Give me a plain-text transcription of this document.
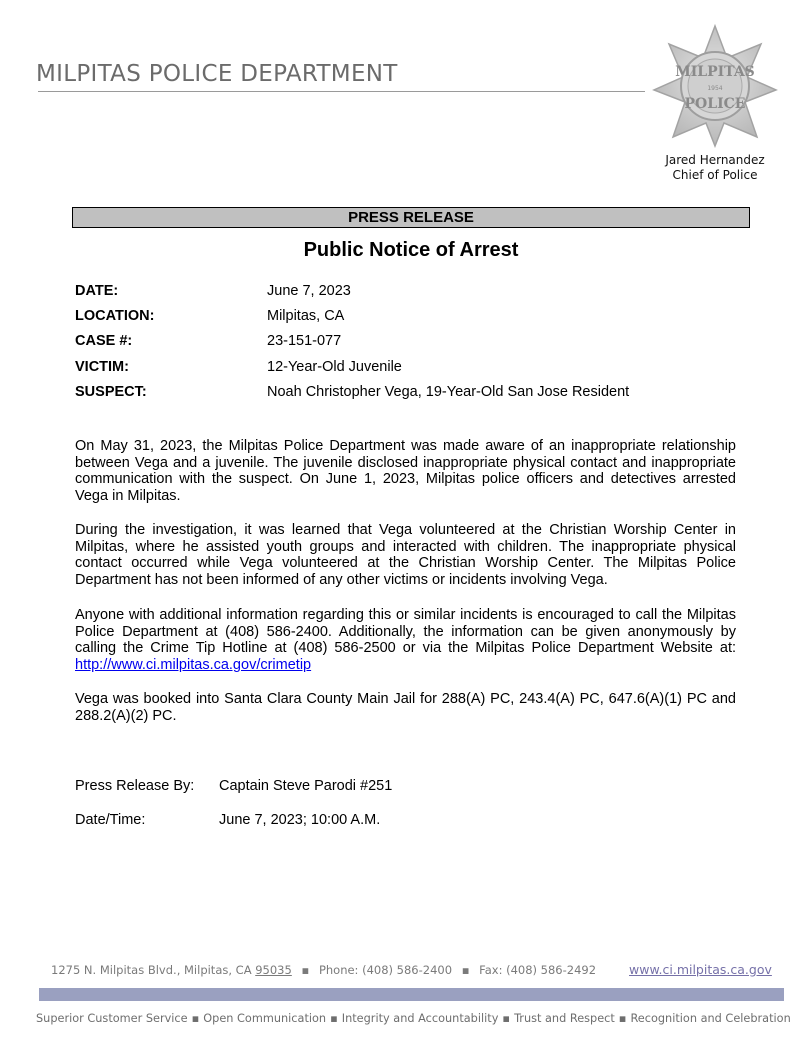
MILPITAS POLICE DEPARTMENT	MILPITAS
1954
POLICE
Jared Hernandez
Chief of Police
PRESS RELEASE
Public Notice of Arrest
DATE:	June 7, 2023
LOCATION:	Milpitas, CA
CASE #:	23-151-077
VICTIM:	12-Year-Old Juvenile
SUSPECT:	Noah Christopher Vega, 19-Year-Old San Jose Resident
On May 31, 2023, the Milpitas Police Department was made aware of an inappropriate relationship between Vega and a juvenile. The juvenile disclosed inappropriate physical contact and inappropriate communication with the suspect. On June 1, 2023, Milpitas police officers and detectives arrested Vega in Milpitas.
During the investigation, it was learned that Vega volunteered at the Christian Worship Center in Milpitas, where he assisted youth groups and interacted with children. The inappropriate physical contact occurred while Vega volunteered at the Christian Worship Center. The Milpitas Police Department has not been informed of any other victims or incidents involving Vega.
Anyone with additional information regarding this or similar incidents is encouraged to call the Milpitas Police Department at (408) 586-2400. Additionally, the information can be given anonymously by calling the Crime Tip Hotline at (408) 586-2500 or via the Milpitas Police Department Website at: http://www.ci.milpitas.ca.gov/crimetip
Vega was booked into Santa Clara County Main Jail for 288(A) PC, 243.4(A) PC, 647.6(A)(1) PC and 288.2(A)(2) PC.
Press Release By: Captain Steve Parodi #251
Date/Time:	June 7, 2023; 10:00 A.M.
1275 N. Milpitas Blvd., Milpitas, CA 95035 ▪ Phone: (408) 586-2400 ▪ Fax: (408) 586-2492	www.ci.milpitas.ca.gov
Superior Customer Service ▪ Open Communication ▪ Integrity and Accountability ▪ Trust and Respect ▪ Recognition and Celebration
